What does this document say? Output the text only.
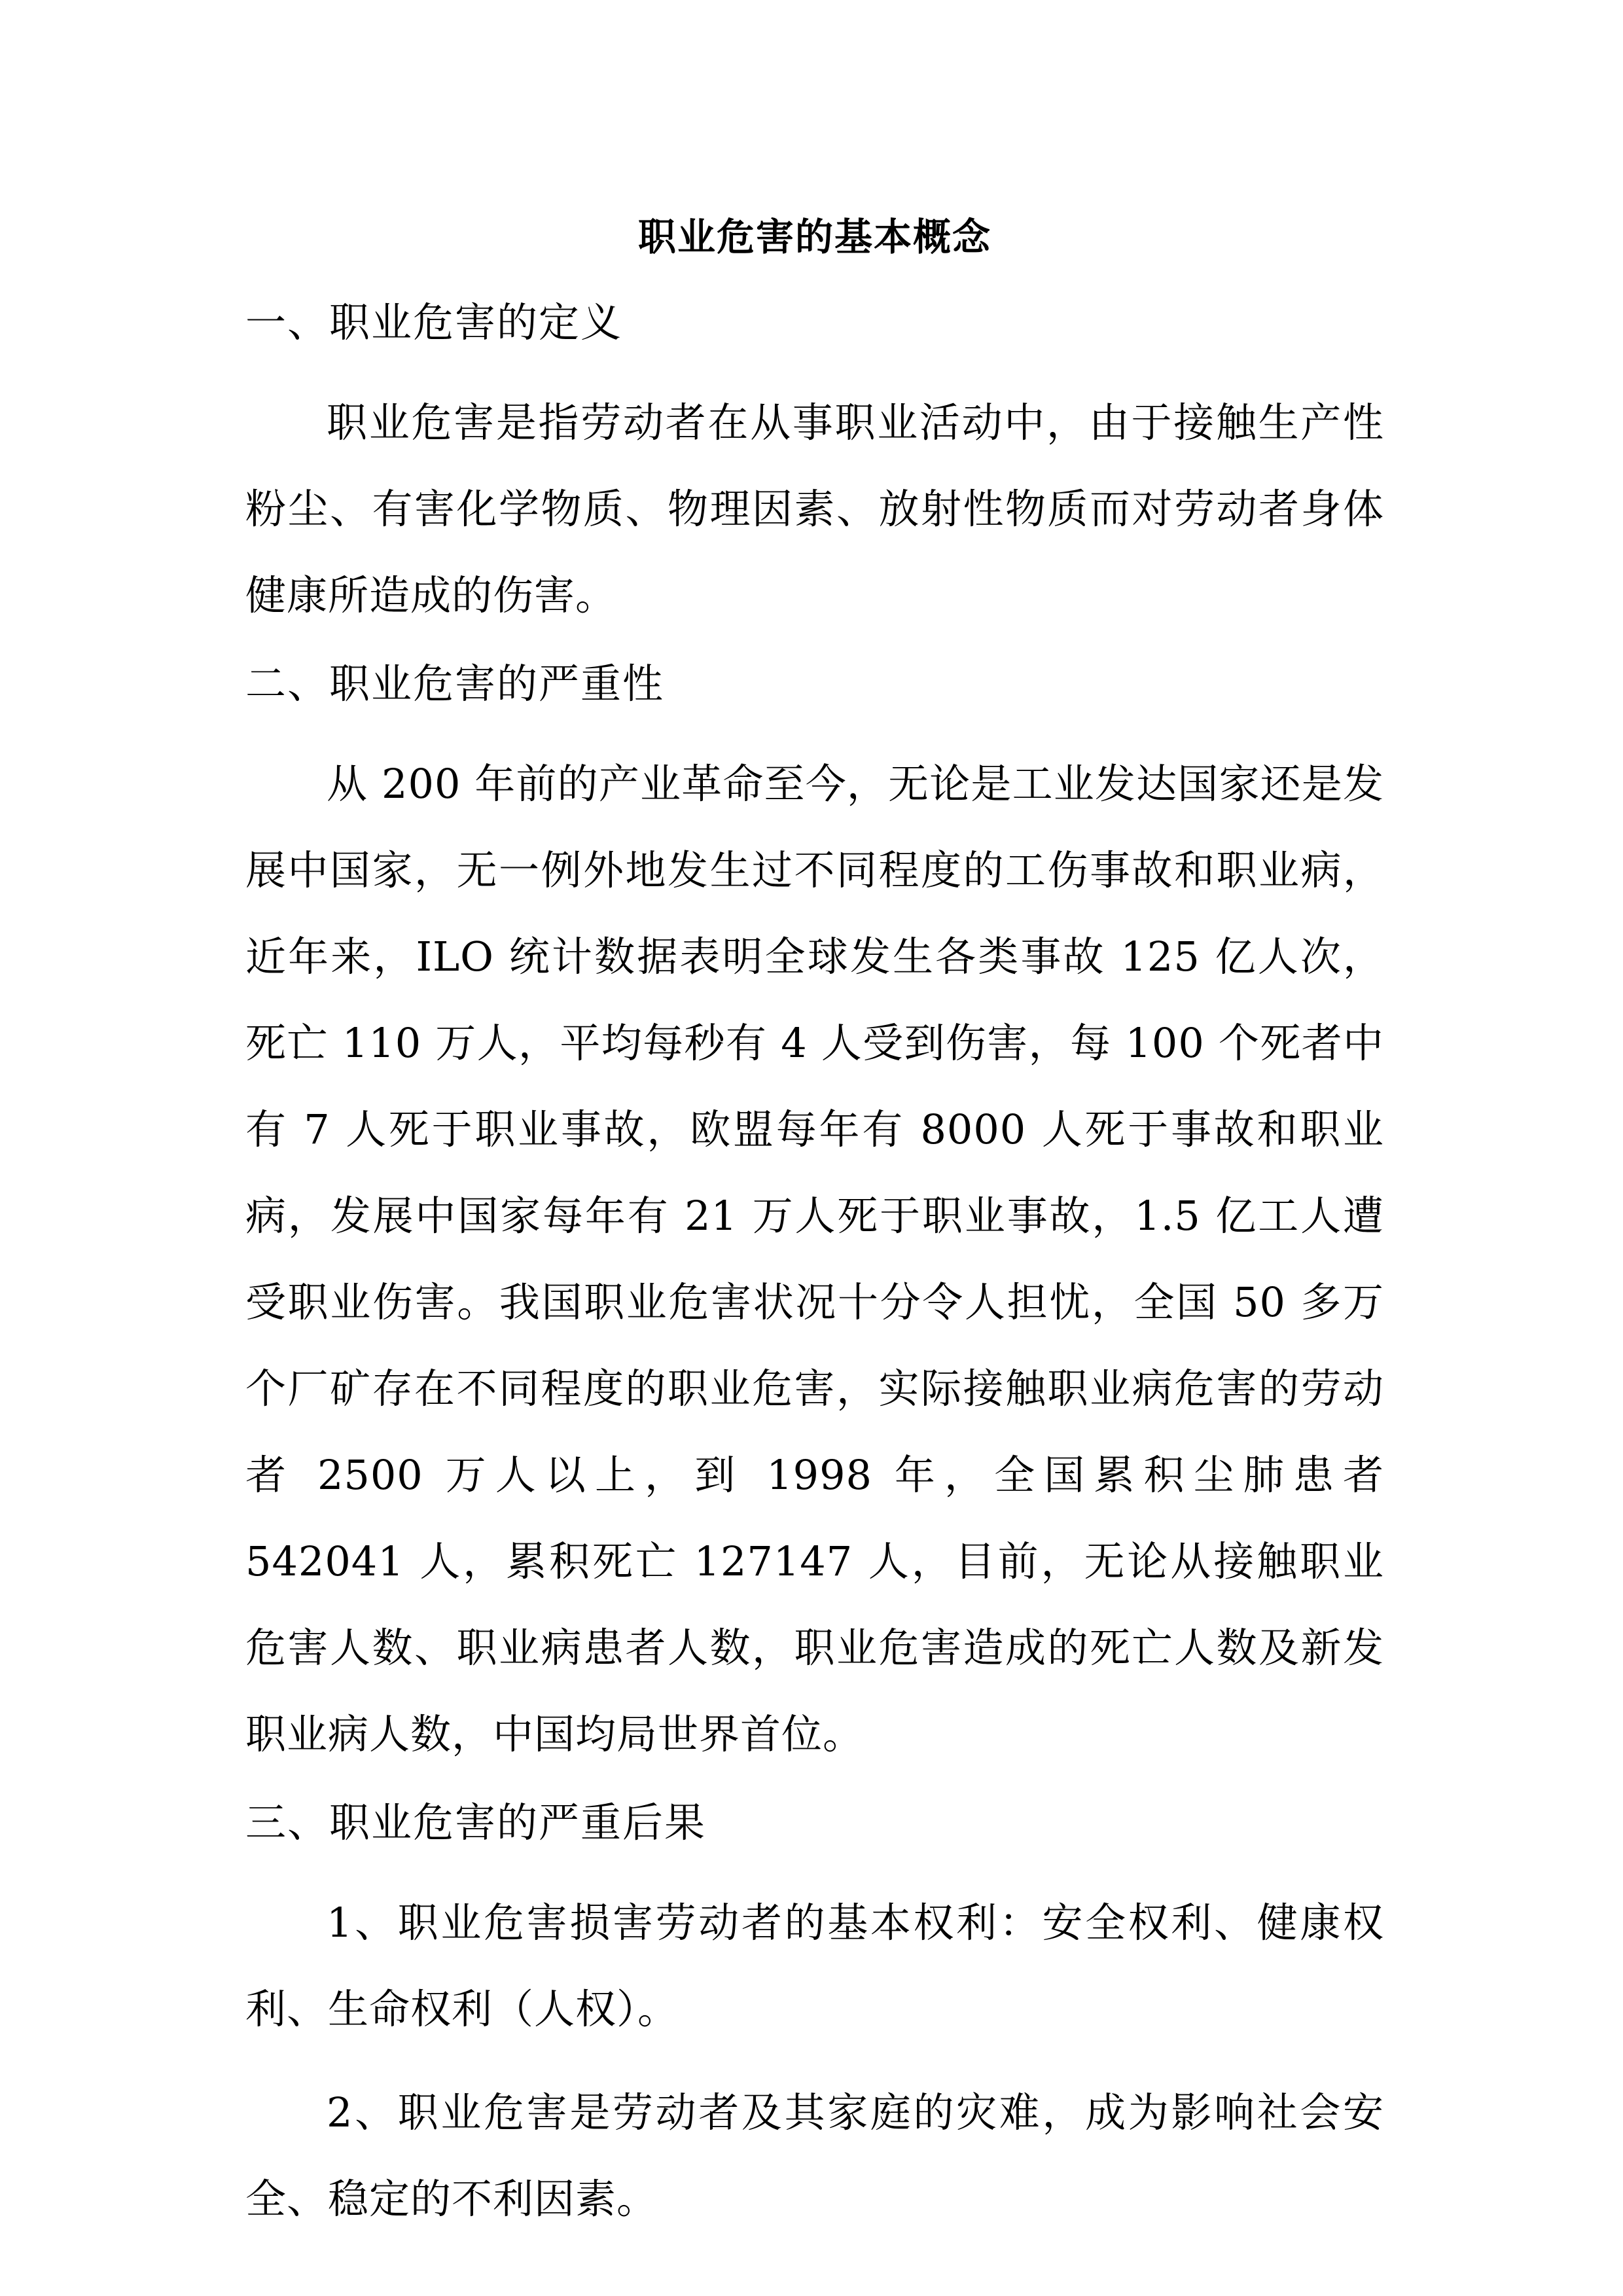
职业危害的基本概念
一、职业危害的定义

职业危害是指劳动者在从事职业活动中，由于接触生产性粉尘、有害化学物质、物理因素、放射性物质而对劳动者身体健康所造成的伤害。

二、职业危害的严重性

从 200 年前的产业革命至今，无论是工业发达国家还是发展中国家，无一例外地发生过不同程度的工伤事故和职业病，近年来，ILO 统计数据表明全球发生各类事故 125 亿人次，死亡 110 万人，平均每秒有 4 人受到伤害，每 100 个死者中有 7 人死于职业事故，欧盟每年有 8000 人死于事故和职业病，发展中国家每年有 21 万人死于职业事故，1.5 亿工人遭受职业伤害。我国职业危害状况十分令人担忧，全国 50 多万个厂矿存在不同程度的职业危害，实际接触职业病危害的劳动者 2500 万人以上，到 1998 年，全国累积尘肺患者 542041 人，累积死亡 127147 人，目前，无论从接触职业危害人数、职业病患者人数，职业危害造成的死亡人数及新发职业病人数，中国均局世界首位。

三、职业危害的严重后果

1、职业危害损害劳动者的基本权利：安全权利、健康权利、生命权利（人权）。

2、职业危害是劳动者及其家庭的灾难，成为影响社会安全、稳定的不利因素。
